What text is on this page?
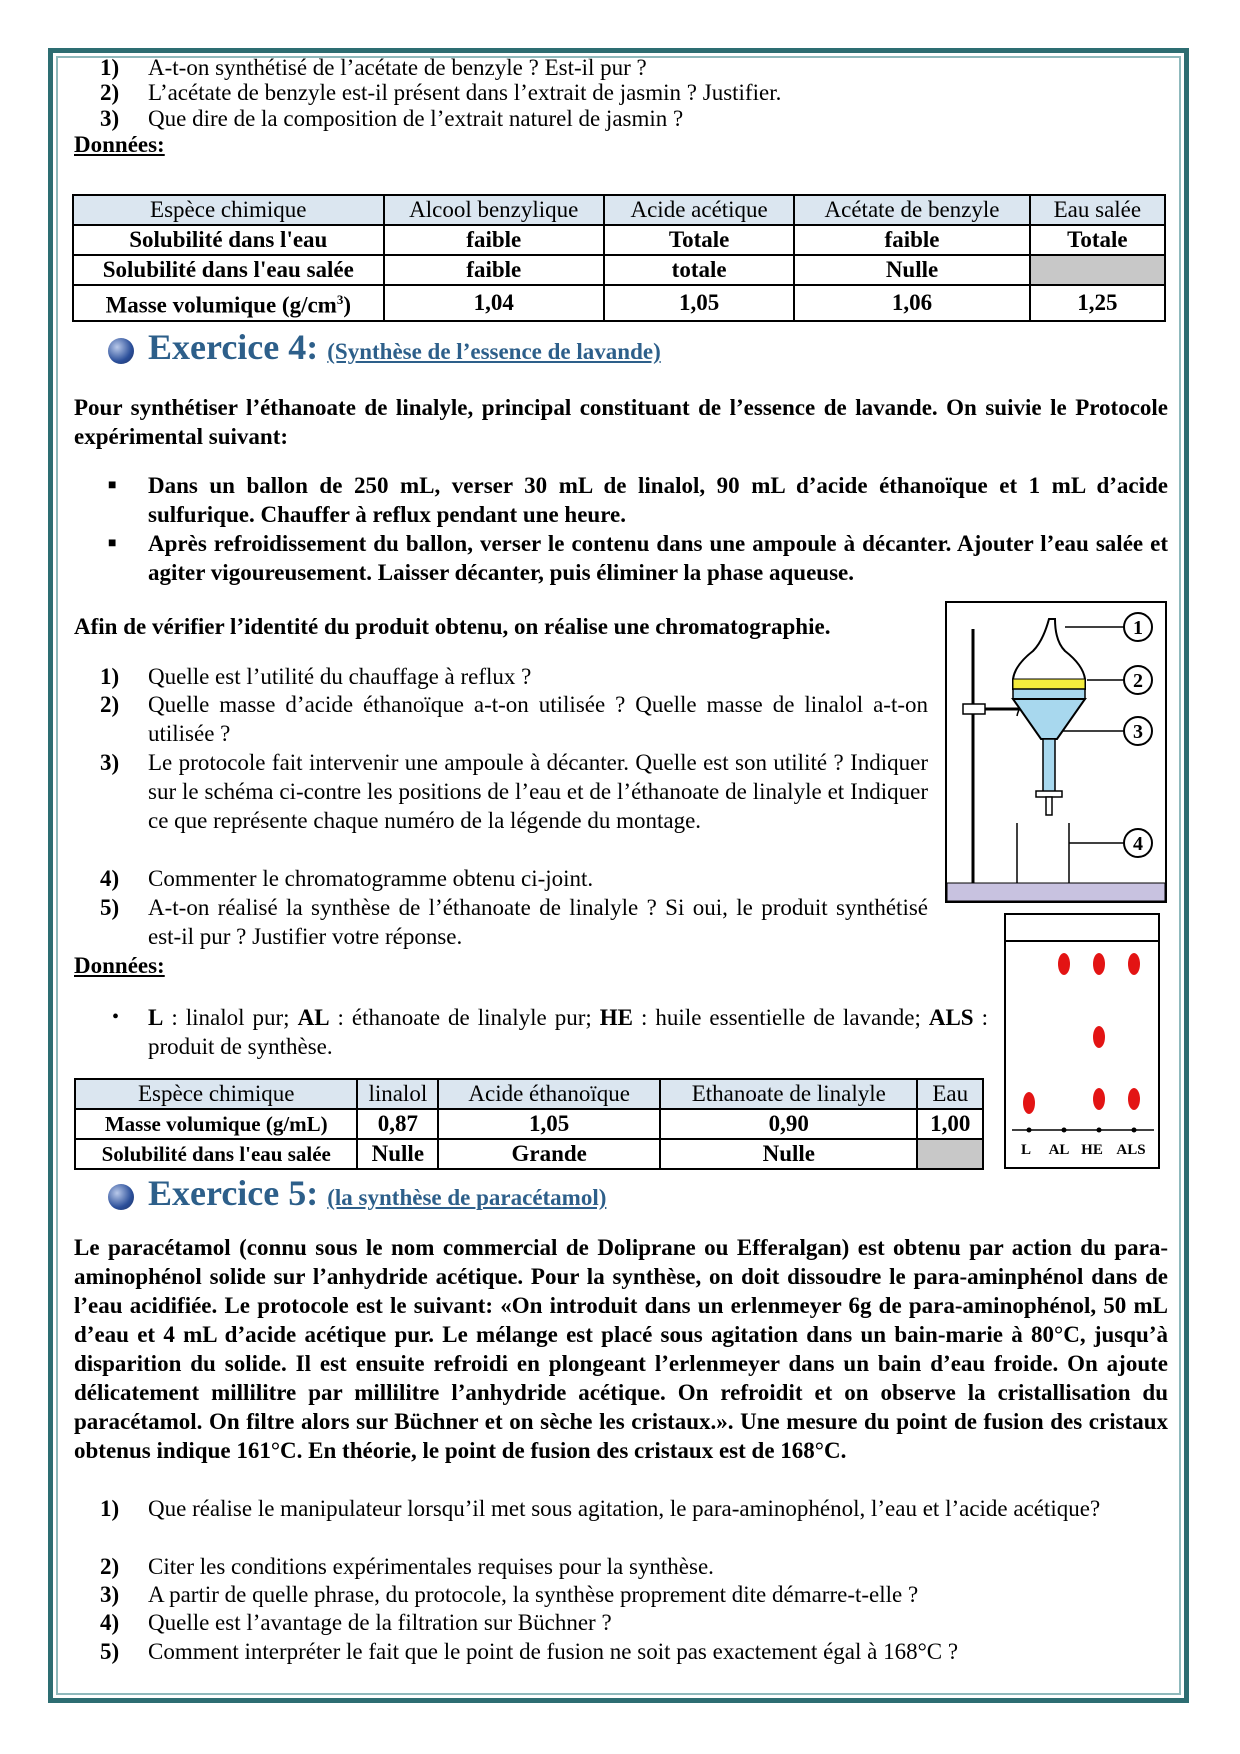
1)	A-t-on synthétisé de l’acétate de benzyle ? Est-il pur ?
2)	L’acétate de benzyle est-il présent dans l’extrait de jasmin ? Justifier.
3)	Que dire de la composition de l’extrait naturel de jasmin ?
Données:
Espèce chimique	Alcool benzylique	Acide acétique	Acétate de benzyle	Eau salée
Solubilité dans l'eau	faible	Totale	faible	Totale
Solubilité dans l'eau salée	faible	totale	Nulle	
Masse volumique $(g/cm^3)$	1,04	1,05	1,06	1,25
Exercice 4: (Synthèse de l’essence de lavande)
Pour synthétiser l’éthanoate de linalyle, principal constituant de l’essence de lavande. On suivie le Protocole expérimental suivant:
■ Dans un ballon de 250 mL, verser 30 mL de linalol, 90 mL d’acide éthanoïque et 1 mL d’acide sulfurique. Chauffer à reflux pendant une heure.
■ Après refroidissement du ballon, verser le contenu dans une ampoule à décanter. Ajouter l’eau salée et agiter vigoureusement. Laisser décanter, puis éliminer la phase aqueuse.
Afin de vérifier l’identité du produit obtenu, on réalise une chromatographie.
1)	Quelle est l’utilité du chauffage à reflux ?
2)	Quelle masse d’acide éthanoïque a-t-on utilisée ? Quelle masse de linalol a-t-on utilisée ?
3)	Le protocole fait intervenir une ampoule à décanter. Quelle est son utilité ? Indiquer sur le schéma ci-contre les positions de l’eau et de l’éthanoate de linalyle et Indiquer ce que représente chaque numéro de la légende du montage.
4)	Commenter le chromatogramme obtenu ci-joint.
5)	A-t-on réalisé la synthèse de l’éthanoate de linalyle ? Si oui, le produit synthétisé est-il pur ? Justifier votre réponse.
Données:
• L : linalol pur; AL : éthanoate de linalyle pur; HE : huile essentielle de lavande; ALS : produit de synthèse.
Espèce chimique	linalol	Acide éthanoïque	Ethanoate de linalyle	Eau
Masse volumique (g/mL)	0,87	1,05	0,90	1,00
Solubilité dans l'eau salée	Nulle	Grande	Nulle	
1
2
3
4
L AL HE ALS
Exercice 5: (la synthèse de paracétamol)
Le paracétamol (connu sous le nom commercial de Doliprane ou Efferalgan) est obtenu par action du para-aminophénol solide sur l’anhydride acétique. Pour la synthèse, on doit dissoudre le para-aminphénol dans de l’eau acidifiée. Le protocole est le suivant: «On introduit dans un erlenmeyer 6g de para-aminophénol, 50 mL d’eau et 4 mL d’acide acétique pur. Le mélange est placé sous agitation dans un bain-marie à 80°C, jusqu’à disparition du solide. Il est ensuite refroidi en plongeant l’erlenmeyer dans un bain d’eau froide. On ajoute délicatement millilitre par millilitre l’anhydride acétique. On refroidit et on observe la cristallisation du paracétamol. On filtre alors sur Büchner et on sèche les cristaux.». Une mesure du point de fusion des cristaux obtenus indique 161°C. En théorie, le point de fusion des cristaux est de 168°C.
1)	Que réalise le manipulateur lorsqu’il met sous agitation, le para-aminophénol, l’eau et l’acide acétique?
2)	Citer les conditions expérimentales requises pour la synthèse.
3)	A partir de quelle phrase, du protocole, la synthèse proprement dite démarre-t-elle ?
4)	Quelle est l’avantage de la filtration sur Büchner ?
5)	Comment interpréter le fait que le point de fusion ne soit pas exactement égal à 168°C ?
